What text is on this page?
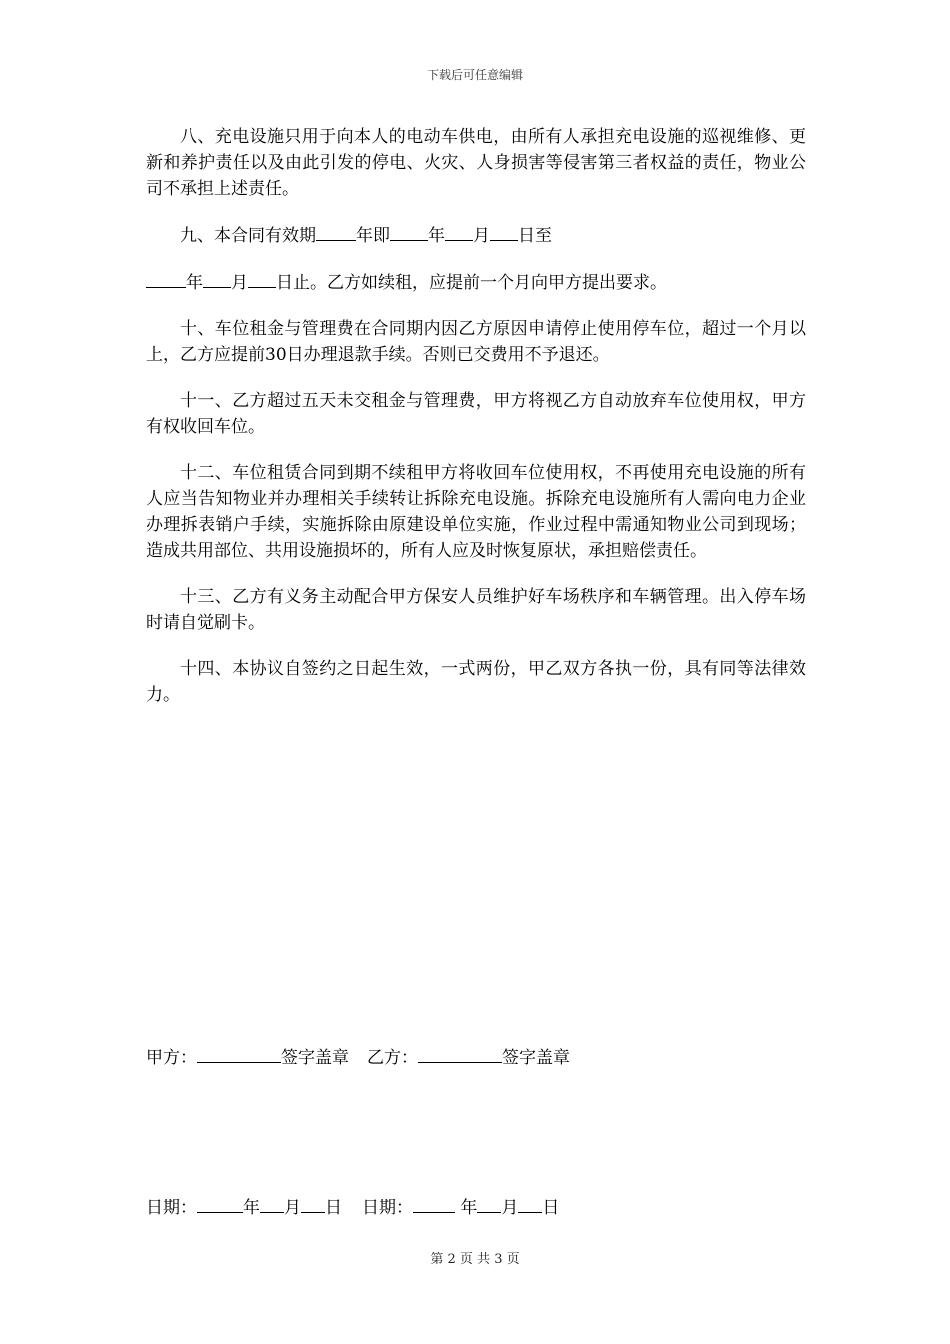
下载后可任意编辑

八、充电设施只用于向本人的电动车供电，由所有人承担充电设施的巡视维修、更新和养护责任以及由此引发的停电、火灾、人身损害等侵害第三者权益的责任，物业公司不承担上述责任。

九、本合同有效期 年即 年 月 日至

年 月 日止。乙方如续租，应提前一个月向甲方提出要求。

十、车位租金与管理费在合同期内因乙方原因申请停止使用停车位，超过一个月以上，乙方应提前30日办理退款手续。否则已交费用不予退还。

十一、乙方超过五天未交租金与管理费，甲方将视乙方自动放弃车位使用权，甲方有权收回车位。

十二、车位租赁合同到期不续租甲方将收回车位使用权，不再使用充电设施的所有人应当告知物业并办理相关手续转让拆除充电设施。拆除充电设施所有人需向电力企业办理拆表销户手续，实施拆除由原建设单位实施，作业过程中需通知物业公司到现场；造成共用部位、共用设施损坏的，所有人应及时恢复原状，承担赔偿责任。

十三、乙方有义务主动配合甲方保安人员维护好车场秩序和车辆管理。出入停车场时请自觉刷卡。

十四、本协议自签约之日起生效，一式两份，甲乙双方各执一份，具有同等法律效力。

甲方：	签字盖章 乙方：	签字盖章
日期：	年 月 日 日期：	年 月 日
第 2 页 共 3 页
